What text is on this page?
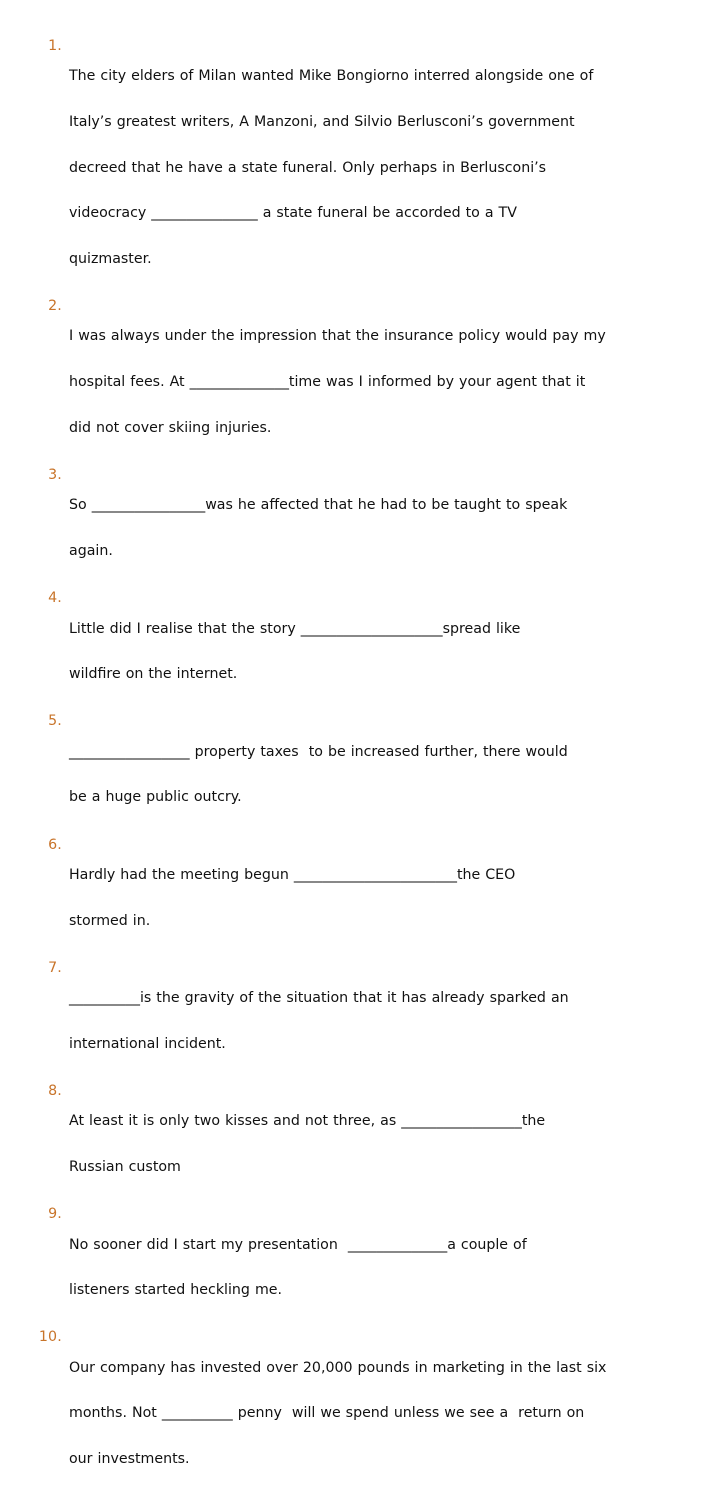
1.

The city elders of Milan wanted Mike Bongiorno interred alongside one of

Italy’s greatest writers, A Manzoni, and Silvio Berlusconi’s government

decreed that he have a state funeral. Only perhaps in Berlusconi’s

videocracy _______________ a state funeral be accorded to a TV

quizmaster.

2.

I was always under the impression that the insurance policy would pay my

hospital fees. At ______________time was I informed by your agent that it

did not cover skiing injuries.

3.

So ________________was he affected that he had to be taught to speak

again.

4.

Little did I realise that the story ____________________spread like

wildfire on the internet.

5.

_________________ property taxes  to be increased further, there would

be a huge public outcry.

6.

Hardly had the meeting begun _______________________the CEO

stormed in.

7.

__________is the gravity of the situation that it has already sparked an

international incident.

8.

At least it is only two kisses and not three, as _________________the

Russian custom

9.

No sooner did I start my presentation  ______________a couple of

listeners started heckling me.

10.

Our company has invested over 20,000 pounds in marketing in the last six

months. Not __________ penny  will we spend unless we see a  return on

our investments.
